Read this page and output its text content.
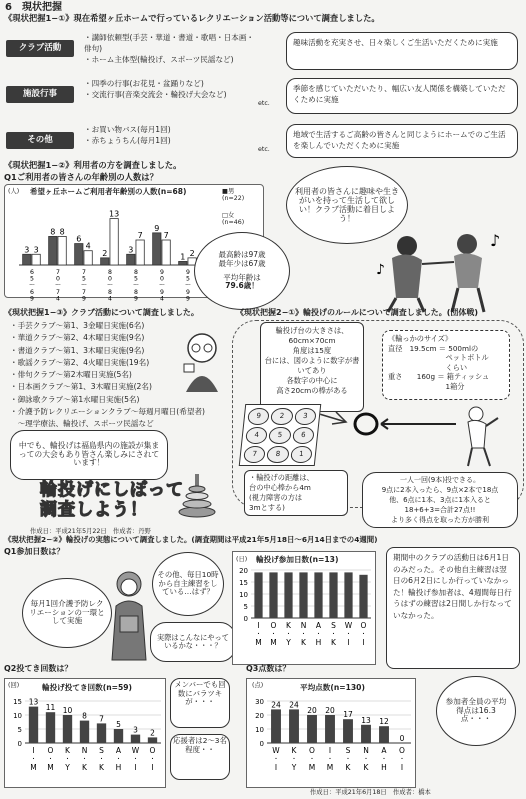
6 現状把握
《現状把握1−①》現在希望ヶ丘ホームで行っているレクリエーション活動等について調査しました。
クラブ活動
・講師依頼型(手芸・華道・書道・歌唱・日本画・俳句)
・ホーム主体型(輪投げ、スポーツ民謡など)
趣味活動を充実させ、日々楽しくご生活いただくために実施
施設行事
・四季の行事(お花見・盆踊りなど)
・交流行事(音楽交流会・輪投げ大会など)
etc.
季節を感じていただいたり、幅広い友人関係を構築していただくために実施
その他
・お買い物バス(毎月1回)
・赤ちょうちん(毎月1回)
etc.
地域で生活するご高齢の皆さんと同じようにホームでのご生活を楽しんでいただくために実施
《現状把握1−②》利用者の方を調査しました。
Q1ご利用者の皆さんの年齢別の人数は？
3 3
6
5
〜
6
9
8 8
7
0
〜
7
4
6
4
7
5
〜
7
9
2
13
8
0
〜
8
4
3
7
8
5
〜
8
9
9
7
9
0
〜
9
4
1 2
9
5
〜
9
9
希望ヶ丘ホームご利用者年齢別の人数(n=68)
(人)	■男
(n=22)
□女
(n=46)
最高齢は97歳
最年少は67歳
平均年齢は
79.6歳！
利用者の皆さんに趣味や生きがいを持って生活して欲しい！クラブ活動に着目しよう！
♪
♪
《現状把握1−③》クラブ活動について調査しました。
・手芸クラブ〜第1、3金曜日実施(6名)
・華道クラブ〜第2、4木曜日実施(9名)
・書道クラブ〜第1、3木曜日実施(9名)
・歌謡クラブ〜第2、4火曜日実施(19名)
・俳句クラブ〜第2木曜日実施(5名)
・日本画クラブ〜第1、3木曜日実施(2名)
・御詠歌クラブ〜第1水曜日実施(5名)
・介護予防レクリエーションクラブ〜毎週月曜日(希望者)
　〜理学療法、輪投げ、スポーツ民謡など
中でも、輪投げは福島県内の施設が集まっての大会もあり皆さん楽しみにされています！
《現状把握2−①》輪投げのルールについて調査しました。(団体戦)
輪投げ台の大きさは、
60cm×70cm
角度は15度
台には、図のように数字が書いてあり
各数字の中心に
高さ20cmの棒がある
《輪っかのサイズ》
直径　19.5cm ＝ 500mlの
　　　　　　　　ペットボトル
　　　　　　　　くらい
重さ　　160g ＝ 箱ティッシュ
　　　　　　　　1箱分
9	2	3
4	5	6
7	8	1
・輪投げの距離は、
台の中心棒から4m
(視力障害の方は
3mとする)
一人一回(9本)投できる。
9点に2本入ったら、9点×2本で18点
他、6点に1本、3点に1本入ると
18+6+3=合計27点!!
より多く得点を取った方が勝利
輪投げにしぼって調査しよう！
作成日：平成21年5月22日　作成者：丹野
《現状把握2−②》輪投げの実態について調査しました。(調査期間は平成21年5月18日〜6月14日までの4週間)
Q1参加日数は？
毎月1回介護予防レクリエーションの一環として実施
その他、毎日10時から自主練習をしている…はず？
実際はこんなにやっているかな・・・？
0
5
10
15
20
I
・
M
O
・
M
K
・
Y
N
・
K
A
・
H
S
・
K
W
・
I
O
・
I
輪投げ参加日数(n=13)
(日)	期間中のクラブの活動日は6月1日のみだった。その他自主練習は翌日の6月2日にしか行っていなかった！輪投げ参加者は、4週間毎日行うはずの練習は2日間しか行なっていなかった。
Q2投てき回数は？	Q3点数は？
0
5
10
15 13
I
・
M
11
O
・
M
10
K
・
Y
8
N
・
K
7
S
・
K
5
A
・
H
3
W
・
I
2
O
・
I
輪投げ投てき回数(n=59)
(回)	メンバーでも回数にバラツキが・・・
応援者は2〜3名程度・・
0
10
20
30 24
W
・
I
24
K
・
Y
20
O
・
M
20
I
・
M
17
S
・
K
13
N
・
K
12
A
・
H
0
O
・
I
平均点数(n=130)
(点)
参加者全員の平均得点は16.3点・・・
作成日：平成21年6月18日　作成者：橋本
